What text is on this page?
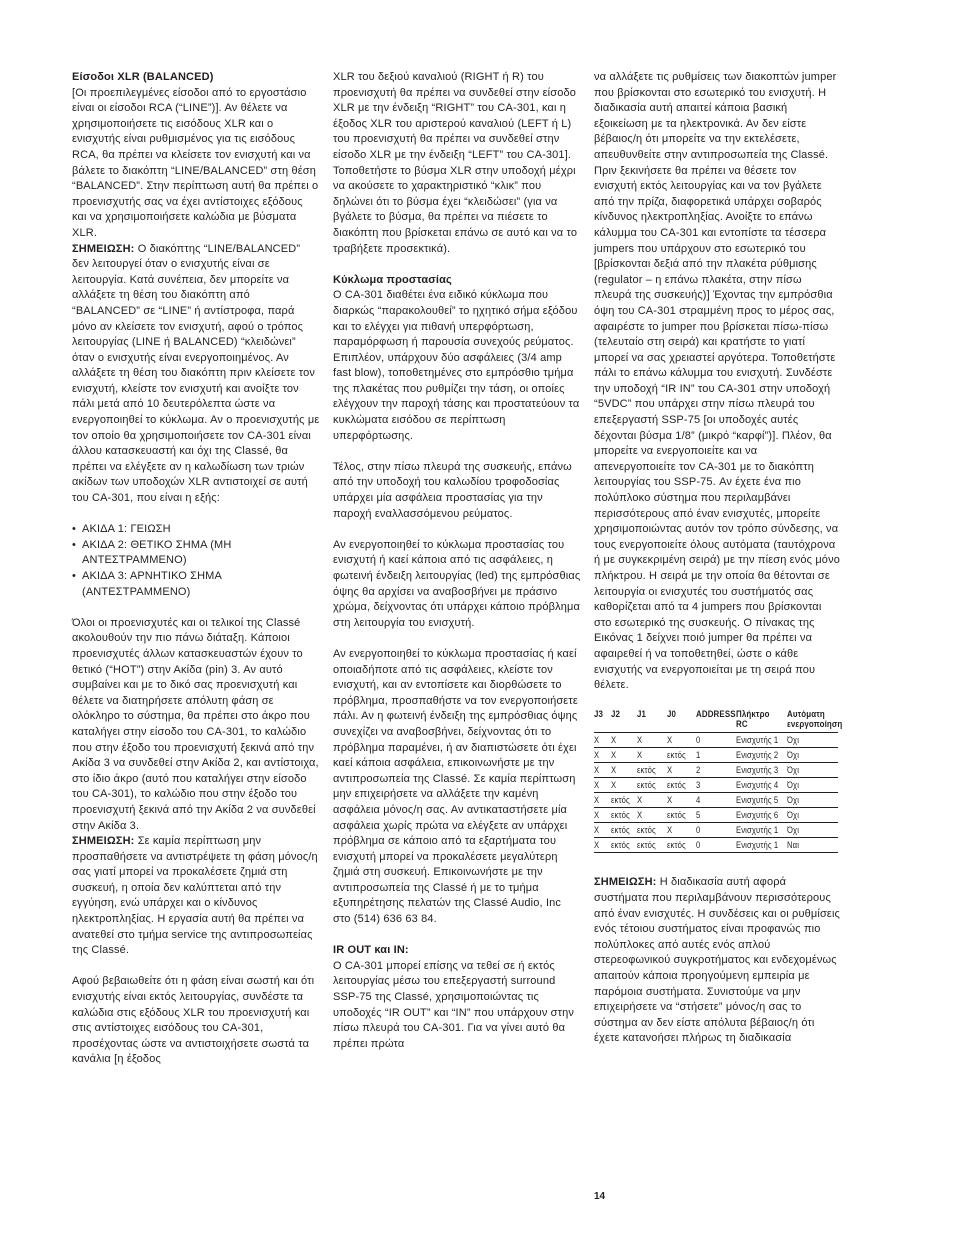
Είσοδοι XLR (BALANCED)

[Οι προεπιλεγμένες είσοδοι από το εργοστάσιο είναι οι είσοδοι RCA (“LINE”)]. Αν θέλετε να χρησιμοποιήσετε τις εισόδους XLR και ο ενισχυτής είναι ρυθμισμένος για τις εισόδους RCA, θα πρέπει να κλείσετε τον ενισχυτή και να βάλετε το διακόπτη “LINE/BALANCED” στη θέση “BALANCED”. Στην περίπτωση αυτή θα πρέπει ο προενισχυτής σας να έχει αντίστοιχες εξόδους και να χρησιμοποιήσετε καλώδια με βύσματα XLR.

ΣΗΜΕΙΩΣΗ: Ο διακόπτης “LINE/BALANCED” δεν λειτουργεί όταν ο ενισχυτής είναι σε λειτουργία. Κατά συνέπεια, δεν μπορείτε να αλλάξετε τη θέση του διακόπτη από “BALANCED” σε “LINE” ή αντίστροφα, παρά μόνο αν κλείσετε τον ενισχυτή, αφού ο τρόπος λειτουργίας (LINE ή BALANCED) “κλειδώνει” όταν ο ενισχυτής είναι ενεργοποιημένος. Αν αλλάξετε τη θέση του διακόπτη πριν κλείσετε τον ενισχυτή, κλείστε τον ενισχυτή και ανοίξτε τον πάλι μετά από 10 δευτερόλεπτα ώστε να ενεργοποιηθεί το κύκλωμα. Αν ο προενισχυτής με τον οποίο θα χρησιμοποιήσετε τον CA-301 είναι άλλου κατασκευαστή και όχι της Classé, θα πρέπει να ελέγξετε αν η καλωδίωση των τριών ακίδων των υποδοχών XLR αντιστοιχεί σε αυτή του CA-301, που είναι η εξής:

• ΑΚΙΔΑ 1: ΓΕΙΩΣΗ
• ΑΚΙΔΑ 2: ΘΕΤΙΚΟ ΣΗΜΑ (ΜΗ ΑΝΤΕΣΤΡΑΜΜΕΝΟ)
• ΑΚΙΔΑ 3: ΑΡΝΗΤΙΚΟ ΣΗΜΑ (ΑΝΤΕΣΤΡΑΜΜΕΝΟ)

Όλοι οι προενισχυτές και οι τελικοί της Classé ακολουθούν την πιο πάνω διάταξη. Κάποιοι προενισχυτές άλλων κατασκευαστών έχουν το θετικό (“HOT”) στην Ακίδα (pin) 3. Αν αυτό συμβαίνει και με το δικό σας προενισχυτή και θέλετε να διατηρήσετε απόλυτη φάση σε ολόκληρο το σύστημα, θα πρέπει στο άκρο που καταλήγει στην είσοδο του CA-301, το καλώδιο που στην έξοδο του προενισχυτή ξεκινά από την Ακίδα 3 να συνδεθεί στην Ακίδα 2, και αντίστοιχα, στο ίδιο άκρο (αυτό που καταλήγει στην είσοδο του CA-301), το καλώδιο που στην έξοδο του προενισχυτή ξεκινά από την Ακίδα 2 να συνδεθεί στην Ακίδα 3.

ΣΗΜΕΙΩΣΗ: Σε καμία περίπτωση μην προσπαθήσετε να αντιστρέψετε τη φάση μόνος/η σας γιατί μπορεί να προκαλέσετε ζημιά στη συσκευή, η οποία δεν καλύπτεται από την εγγύηση, ενώ υπάρχει και ο κίνδυνος ηλεκτροπληξίας. Η εργασία αυτή θα πρέπει να ανατεθεί στο τμήμα service της αντιπροσωπείας της Classé.

Αφού βεβαιωθείτε ότι η φάση είναι σωστή και ότι ενισχυτής είναι εκτός λειτουργίας, συνδέστε τα καλώδια στις εξόδους XLR του προενισχυτή και στις αντίστοιχες εισόδους του CA-301, προσέχοντας ώστε να αντιστοιχήσετε σωστά τα κανάλια [η έξοδος

XLR του δεξιού καναλιού (RIGHT ή R) του προενισχυτή θα πρέπει να συνδεθεί στην είσοδο XLR με την ένδειξη “RIGHT” του CA-301, και η έξοδος XLR του αριστερού καναλιού (LEFT ή L) του προενισχυτή θα πρέπει να συνδεθεί στην είσοδο XLR με την ένδειξη “LEFT” του CA-301]. Τοποθετήστε το βύσμα XLR στην υποδοχή μέχρι να ακούσετε το χαρακτηριστικό “κλικ” που δηλώνει ότι το βύσμα έχει “κλειδώσει” (για να βγάλετε το βύσμα, θα πρέπει να πιέσετε το διακόπτη που βρίσκεται επάνω σε αυτό και να το τραβήξετε προσεκτικά).

Κύκλωμα προστασίας

Ο CA-301 διαθέτει ένα ειδικό κύκλωμα που διαρκώς “παρακολουθεί” το ηχητικό σήμα εξόδου και το ελέγχει για πιθανή υπερφόρτωση, παραμόρφωση ή παρουσία συνεχούς ρεύματος. Επιπλέον, υπάρχουν δύο ασφάλειες (3/4 amp fast blow), τοποθετημένες στο εμπρόσθιο τμήμα της πλακέτας που ρυθμίζει την τάση, οι οποίες ελέγχουν την παροχή τάσης και προστατεύουν τα κυκλώματα εισόδου σε περίπτωση υπερφόρτωσης.

Τέλος, στην πίσω πλευρά της συσκευής, επάνω από την υποδοχή του καλωδίου τροφοδοσίας υπάρχει μία ασφάλεια προστασίας για την παροχή εναλλασσόμενου ρεύματος.

Αν ενεργοποιηθεί το κύκλωμα προστασίας του ενισχυτή ή καεί κάποια από τις ασφάλειες, η φωτεινή ένδειξη λειτουργίας (led) της εμπρόσθιας όψης θα αρχίσει να αναβοσβήνει με πράσινο χρώμα, δείχνοντας ότι υπάρχει κάποιο πρόβλημα στη λειτουργία του ενισχυτή.

Αν ενεργοποιηθεί το κύκλωμα προστασίας ή καεί οποιαδήποτε από τις ασφάλειες, κλείστε τον ενισχυτή, και αν εντοπίσετε και διορθώσετε το πρόβλημα, προσπαθήστε να τον ενεργοποιήσετε πάλι. Αν η φωτεινή ένδειξη της εμπρόσθιας όψης συνεχίζει να αναβοσβήνει, δείχνοντας ότι το πρόβλημα παραμένει, ή αν διαπιστώσετε ότι έχει καεί κάποια ασφάλεια, επικοινωνήστε με την αντιπροσωπεία της Classé. Σε καμία περίπτωση μην επιχειρήσετε να αλλάξετε την καμένη ασφάλεια μόνος/η σας. Αν αντικαταστήσετε μία ασφάλεια χωρίς πρώτα να ελέγξετε αν υπάρχει πρόβλημα σε κάποιο από τα εξαρτήματα του ενισχυτή μπορεί να προκαλέσετε μεγαλύτερη ζημιά στη συσκευή. Επικοινωνήστε με την αντιπροσωπεία της Classé ή με το τμήμα εξυπηρέτησης πελατών της Classé Audio, Inc στο (514) 636 63 84.

IR OUT και IN:

Ο CA-301 μπορεί επίσης να τεθεί σε ή εκτός λειτουργίας μέσω του επεξεργαστή surround SSP-75 της Classé, χρησιμοποιώντας τις υποδοχές “IR OUT” και “IN” που υπάρχουν στην πίσω πλευρά του CA-301. Για να γίνει αυτό θα πρέπει πρώτα

να αλλάξετε τις ρυθμίσεις των διακοπτών jumper που βρίσκονται στο εσωτερικό του ενισχυτή. Η διαδικασία αυτή απαιτεί κάποια βασική εξοικείωση με τα ηλεκτρονικά. Αν δεν είστε βέβαιος/η ότι μπορείτε να την εκτελέσετε, απευθυνθείτε στην αντιπροσωπεία της Classé. Πριν ξεκινήσετε θα πρέπει να θέσετε τον ενισχυτή εκτός λειτουργίας και να τον βγάλετε από την πρίζα, διαφορετικά υπάρχει σοβαρός κίνδυνος ηλεκτροπληξίας. Ανοίξτε το επάνω κάλυμμα του CA-301 και εντοπίστε τα τέσσερα jumpers που υπάρχουν στο εσωτερικό του [βρίσκονται δεξιά από την πλακέτα ρύθμισης (regulator – η επάνω πλακέτα, στην πίσω πλευρά της συσκευής)] Έχοντας την εμπρόσθια όψη του CA-301 στραμμένη προς το μέρος σας, αφαιρέστε το jumper που βρίσκεται πίσω-πίσω (τελευταίο στη σειρά) και κρατήστε το γιατί μπορεί να σας χρειαστεί αργότερα. Τοποθετήστε πάλι το επάνω κάλυμμα του ενισχυτή. Συνδέστε την υποδοχή “IR IN” του CA-301 στην υποδοχή “5VDC” που υπάρχει στην πίσω πλευρά του επεξεργαστή SSP-75 [οι υποδοχές αυτές δέχονται βύσμα 1/8” (μικρό “καρφί”)]. Πλέον, θα μπορείτε να ενεργοποιείτε και να απενεργοποιείτε τον CA-301 με το διακόπτη λειτουργίας του SSP-75. Αν έχετε ένα πιο πολύπλοκο σύστημα που περιλαμβάνει περισσότερους από έναν ενισχυτές, μπορείτε χρησιμοποιώντας αυτόν τον τρόπο σύνδεσης, να τους ενεργοποιείτε όλους αυτόματα (ταυτόχρονα ή με συγκεκριμένη σειρά) με την πίεση ενός μόνο πλήκτρου. Η σειρά με την οποία θα θέτονται σε λειτουργία οι ενισχυτές του συστήματός σας καθορίζεται από τα 4 jumpers που βρίσκονται στο εσωτερικό της συσκευής. Ο πίνακας της Εικόνας 1 δείχνει ποιό jumper θα πρέπει να αφαιρεθεί ή να τοποθετηθεί, ώστε ο κάθε ενισχυτής να ενεργοποιείται με τη σειρά που θέλετε.

J3	J2	J1	J0	ADDRESS	Πλήκτρο RC	Αυτόματη ενεργοποίηση

X	X	X	X	0	Ενισχυτής 1	Όχι
X	X	X	εκτός	1	Ενισχυτής 2	Όχι
X	X	εκτός	X	2	Ενισχυτής 3	Όχι
X	X	εκτός	εκτός	3	Ενισχυτής 4	Όχι
X	εκτός	X	X	4	Ενισχυτής 5	Όχι
X	εκτός	X	εκτός	5	Ενισχυτής 6	Όχι
X	εκτός	εκτός	X	0	Ενισχυτής 1	Όχι
X	εκτός	εκτός	εκτός	0	Ενισχυτής 1	Ναι

ΣΗΜΕΙΩΣΗ: Η διαδικασία αυτή αφορά συστήματα που περιλαμβάνουν περισσότερους από έναν ενισχυτές. Η συνδέσεις και οι ρυθμίσεις ενός τέτοιου συστήματος είναι προφανώς πιο πολύπλοκες από αυτές ενός απλού στερεοφωνικού συγκροτήματος και ενδεχομένως απαιτούν κάποια προηγούμενη εμπειρία με παρόμοια συστήματα. Συνιστούμε να μην επιχειρήσετε να “στήσετε” μόνος/η σας το σύστημα αν δεν είστε απόλυτα βέβαιος/η ότι έχετε κατανοήσει πλήρως τη διαδικασία

14
